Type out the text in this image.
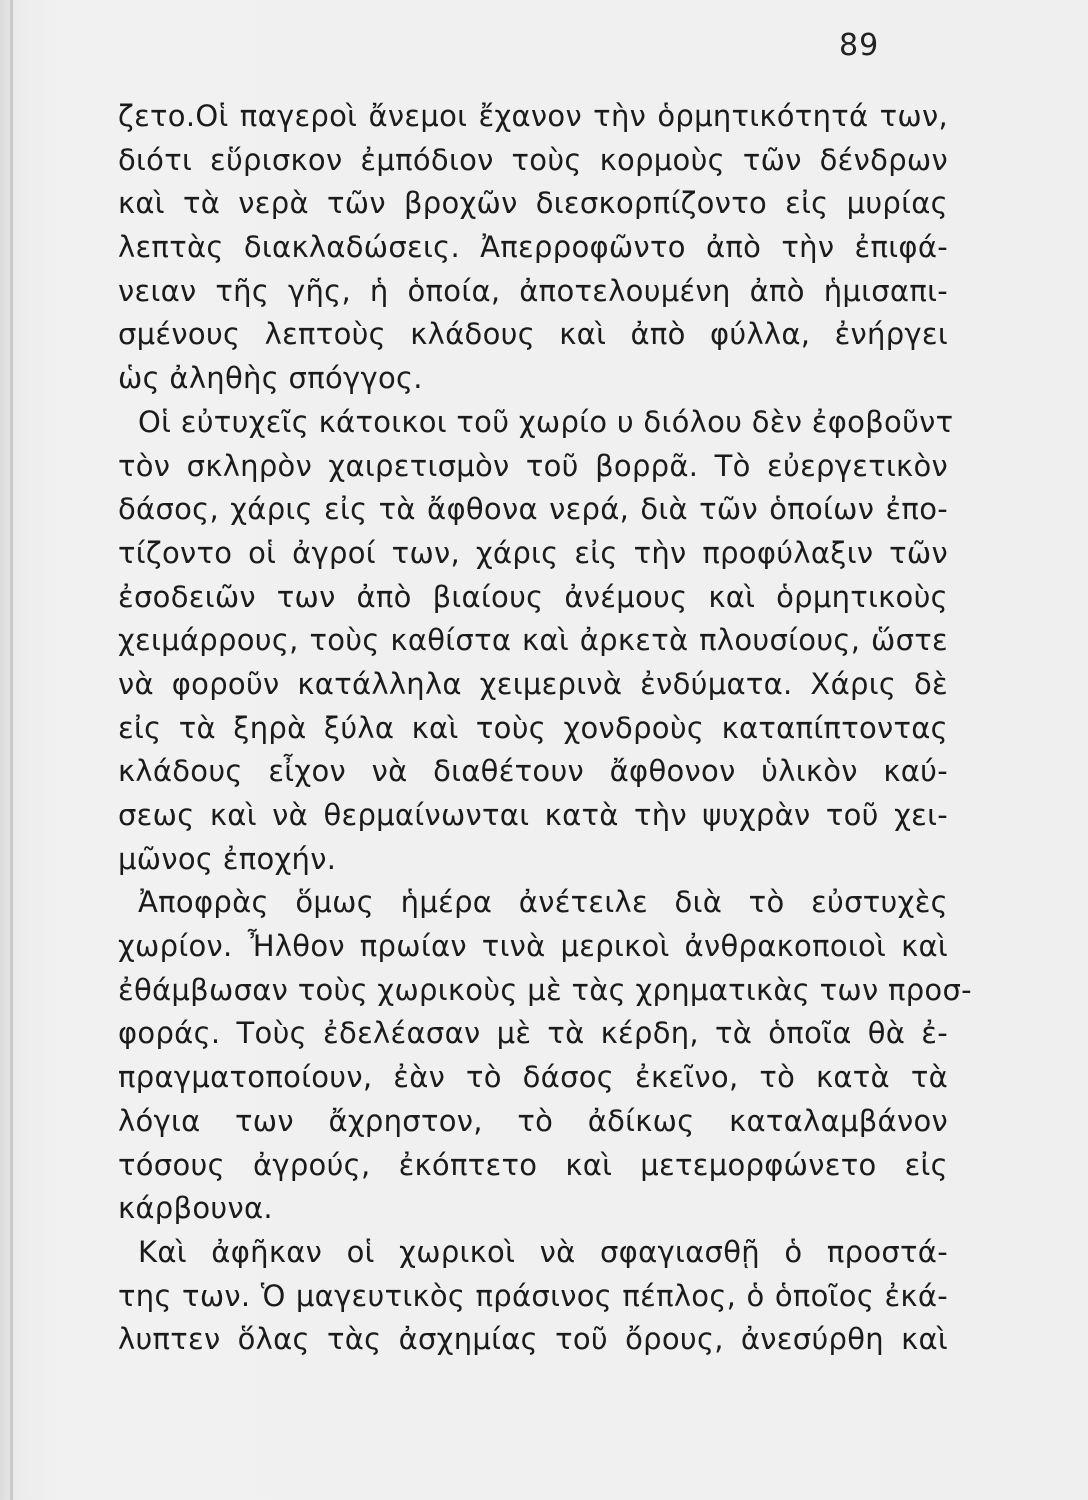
89
ζετο.Οἱ παγεροὶ ἄνεμοι ἔχανον τὴν ὁρμητικότητά των,
διότι εὕρισκον ἐμπόδιον τοὺς κορμοὺς τῶν δένδρων
καὶ τὰ νερὰ τῶν βροχῶν διεσκορπίζοντο εἰς μυρίας
λεπτὰς διακλαδώσεις. Ἀπερροφῶντο ἀπὸ τὴν ἐπιφά-
νειαν τῆς γῆς, ἡ ὁποία, ἀποτελουμένη ἀπὸ ἡμισαπι-
σμένους λεπτοὺς κλάδους καὶ ἀπὸ φύλλα, ἐνήργει
ὡς ἀληθὴς σπόγγος.
Οἱ εὐτυχεῖς κάτοικοι τοῦ χωρίο υ διόλου δὲν ἐφοβοῦντ
τὸν σκληρὸν χαιρετισμὸν τοῦ βορρᾶ. Τὸ εὐεργετικὸν
δάσος, χάρις εἰς τὰ ἄφθονα νερά, διὰ τῶν ὁποίων ἐπο-
τίζοντο οἱ ἀγροί των, χάρις εἰς τὴν προφύλαξιν τῶν
ἐσοδειῶν των ἀπὸ βιαίους ἀνέμους καὶ ὁρμητικοὺς
χειμάρρους, τοὺς καθίστα καὶ ἀρκετὰ πλουσίους, ὥστε
νὰ φοροῦν κατάλληλα χειμερινὰ ἐνδύματα. Χάρις δὲ
εἰς τὰ ξηρὰ ξύλα καὶ τοὺς χονδροὺς καταπίπτοντας
κλάδους εἶχον νὰ διαθέτουν ἄφθονον ὑλικὸν καύ-
σεως καὶ νὰ θερμαίνωνται κατὰ τὴν ψυχρὰν τοῦ χει-
μῶνος ἐποχήν.
Ἀποφρὰς ὅμως ἡμέρα ἀνέτειλε διὰ τὸ εὐστυχὲς
χωρίον. Ἦλθον πρωίαν τινὰ μερικοὶ ἀνθρακοποιοὶ καὶ
ἐθάμβωσαν τοὺς χωρικοὺς μὲ τὰς χρηματικὰς των προσ-
φοράς. Τοὺς ἐδελέασαν μὲ τὰ κέρδη, τὰ ὁποῖα θὰ ἐ-
πραγματοποίουν, ἐὰν τὸ δάσος ἐκεῖνο, τὸ κατὰ τὰ
λόγια των ἄχρηστον, τὸ ἀδίκως καταλαμβάνον
τόσους ἀγρούς, ἐκόπτετο καὶ μετεμορφώνετο εἰς
κάρβουνα.
Καὶ ἀφῆκαν οἱ χωρικοὶ νὰ σφαγιασθῇ ὁ προστά-
της των. Ὁ μαγευτικὸς πράσινος πέπλος, ὁ ὁποῖος ἐκά-
λυπτεν ὅλας τὰς ἀσχημίας τοῦ ὄρους, ἀνεσύρθη καὶ
